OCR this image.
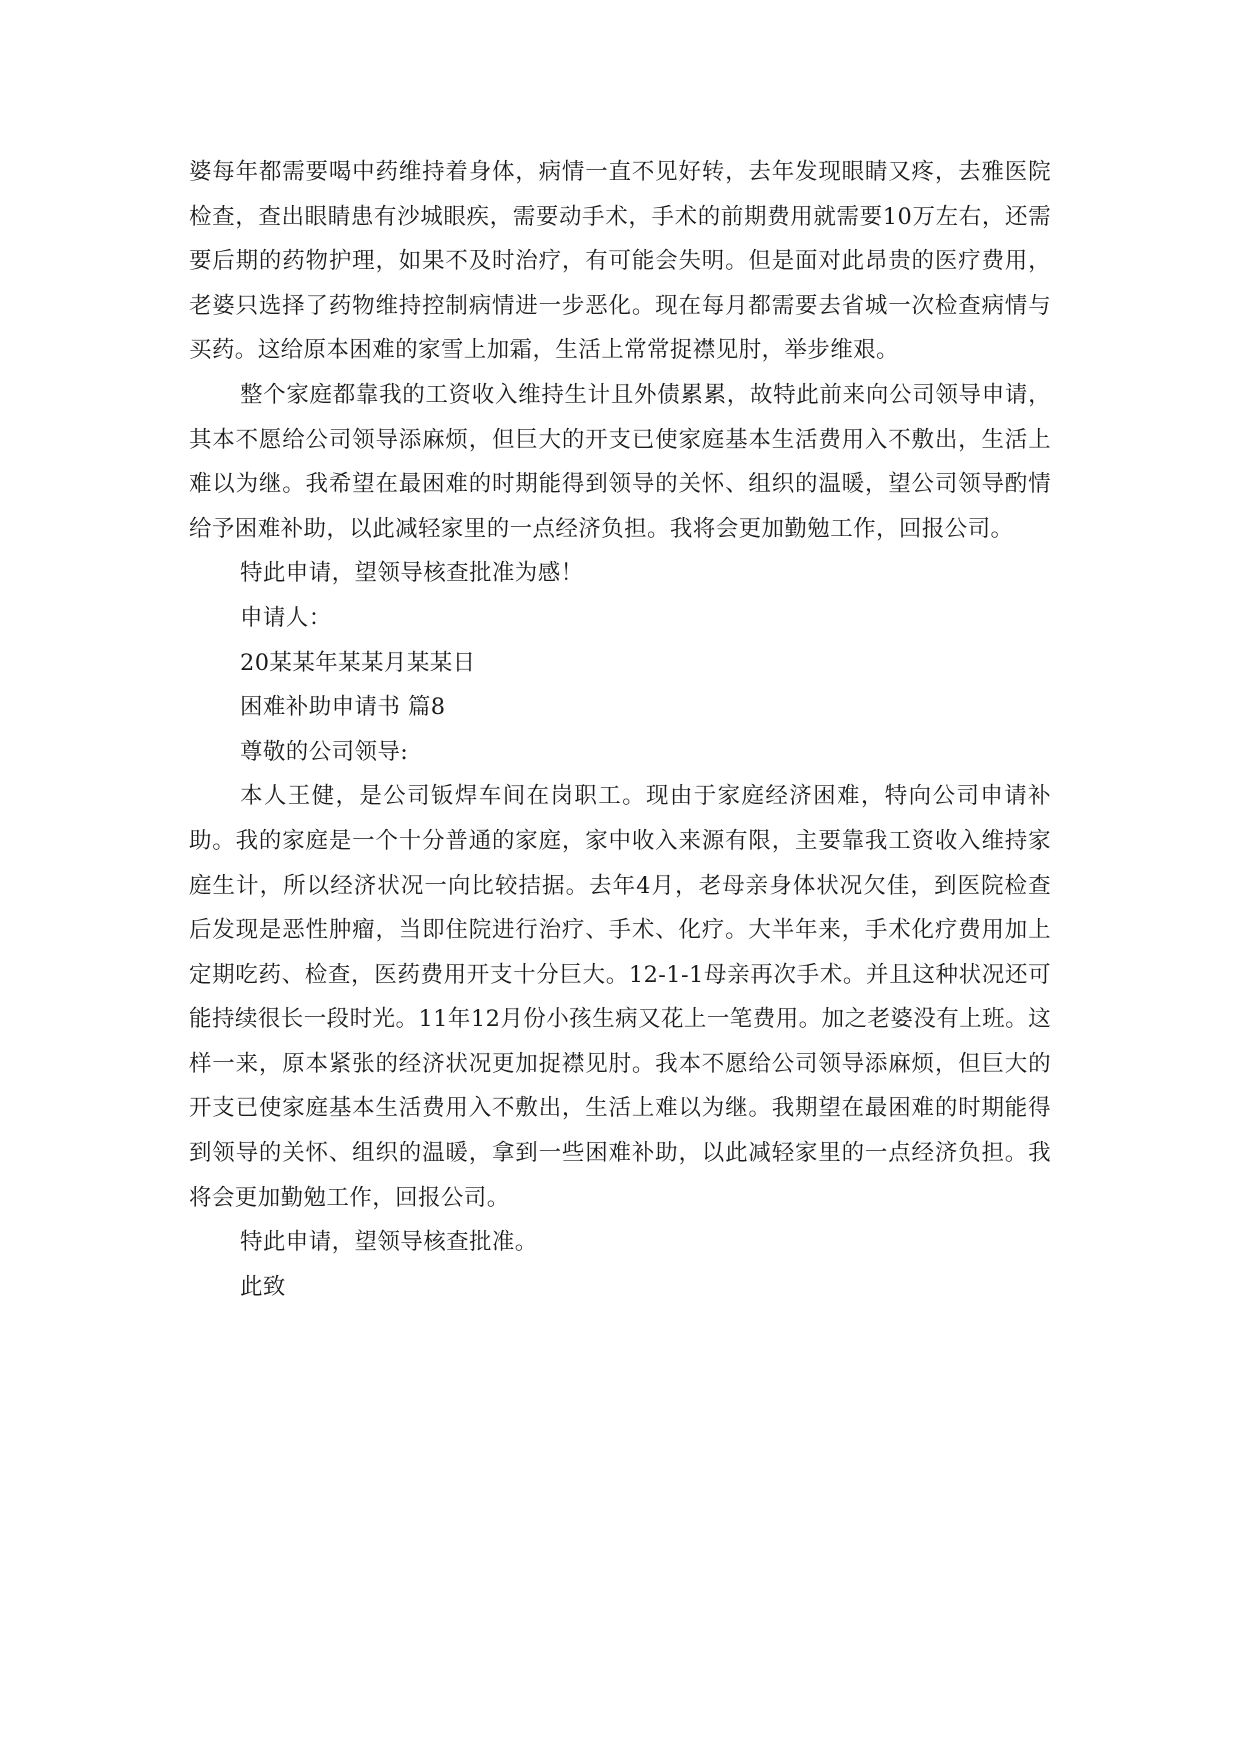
婆每年都需要喝中药维持着身体，病情一直不见好转，去年发现眼睛又疼，去雅医院检查，查出眼睛患有沙城眼疾，需要动手术，手术的前期费用就需要10万左右，还需要后期的药物护理，如果不及时治疗，有可能会失明。但是面对此昂贵的医疗费用，老婆只选择了药物维持控制病情进一步恶化。现在每月都需要去省城一次检查病情与买药。这给原本困难的家雪上加霜，生活上常常捉襟见肘，举步维艰。

整个家庭都靠我的工资收入维持生计且外债累累，故特此前来向公司领导申请，其本不愿给公司领导添麻烦，但巨大的开支已使家庭基本生活费用入不敷出，生活上难以为继。我希望在最困难的时期能得到领导的关怀、组织的温暖，望公司领导酌情给予困难补助，以此减轻家里的一点经济负担。我将会更加勤勉工作，回报公司。

特此申请，望领导核查批准为感！

申请人：

20某某年某某月某某日

困难补助申请书 篇8

尊敬的公司领导:

本人王健，是公司钣焊车间在岗职工。现由于家庭经济困难，特向公司申请补助。我的家庭是一个十分普通的家庭，家中收入来源有限，主要靠我工资收入维持家庭生计，所以经济状况一向比较拮据。去年4月，老母亲身体状况欠佳，到医院检查后发现是恶性肿瘤，当即住院进行治疗、手术、化疗。大半年来，手术化疗费用加上定期吃药、检查，医药费用开支十分巨大。12-1-1母亲再次手术。并且这种状况还可能持续很长一段时光。11年12月份小孩生病又花上一笔费用。加之老婆没有上班。这样一来，原本紧张的经济状况更加捉襟见肘。我本不愿给公司领导添麻烦，但巨大的开支已使家庭基本生活费用入不敷出，生活上难以为继。我期望在最困难的时期能得到领导的关怀、组织的温暖，拿到一些困难补助，以此减轻家里的一点经济负担。我将会更加勤勉工作，回报公司。

特此申请，望领导核查批准。

此致
